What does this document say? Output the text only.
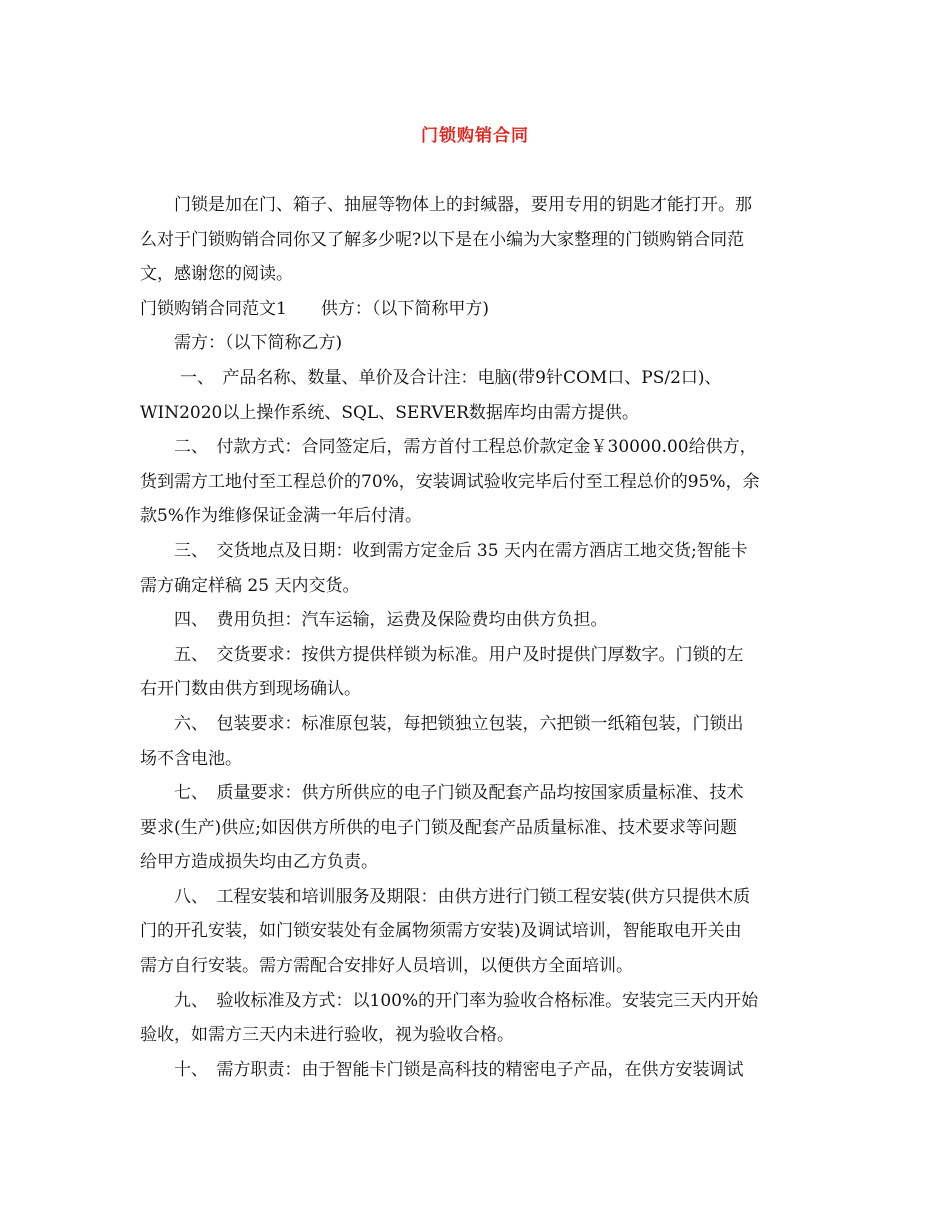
门锁购销合同
门锁是加在门、箱子、抽屉等物体上的封缄器，要用专用的钥匙才能打开。那
么对于门锁购销合同你又了解多少呢?以下是在小编为大家整理的门锁购销合同范
文，感谢您的阅读。
门锁购销合同范文1　　供方：（以下简称甲方)
需方：（以下简称乙方)
一、　产品名称、数量、单价及合计注：电脑(带9针COM口、PS/2口)、
WIN2020以上操作系统、SQL、SERVER数据库均由需方提供。
二、　付款方式：合同签定后，需方首付工程总价款定金￥30000.00给供方，
货到需方工地付至工程总价的70%，安装调试验收完毕后付至工程总价的95%，余
款5%作为维修保证金满一年后付清。
三、　交货地点及日期：收到需方定金后 35 天内在需方酒店工地交货;智能卡
需方确定样稿 25 天内交货。
四、　费用负担：汽车运输，运费及保险费均由供方负担。
五、　交货要求：按供方提供样锁为标准。用户及时提供门厚数字。门锁的左
右开门数由供方到现场确认。
六、　包装要求：标准原包装，每把锁独立包装，六把锁一纸箱包装，门锁出
场不含电池。
七、　质量要求：供方所供应的电子门锁及配套产品均按国家质量标准、技术
要求(生产)供应;如因供方所供的电子门锁及配套产品质量标准、技术要求等问题
给甲方造成损失均由乙方负责。
八、　工程安装和培训服务及期限：由供方进行门锁工程安装(供方只提供木质
门的开孔安装，如门锁安装处有金属物须需方安装)及调试培训，智能取电开关由
需方自行安装。需方需配合安排好人员培训，以便供方全面培训。
九、　验收标准及方式：以100%的开门率为验收合格标准。安装完三天内开始
验收，如需方三天内未进行验收，视为验收合格。
十、　需方职责：由于智能卡门锁是高科技的精密电子产品，在供方安装调试
